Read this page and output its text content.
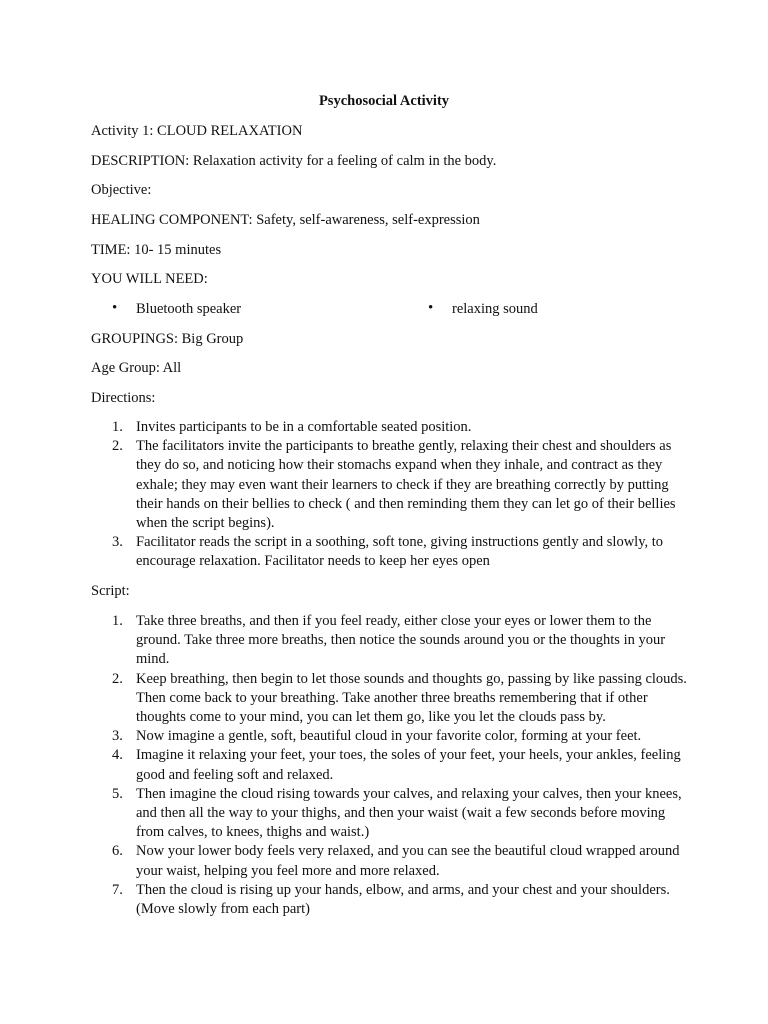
Psychosocial Activity
Activity 1: CLOUD RELAXATION
DESCRIPTION: Relaxation activity for a feeling of calm in the body.
Objective:
HEALING COMPONENT: Safety, self-awareness, self-expression
TIME: 10- 15 minutes
YOU WILL NEED:
• Bluetooth speaker	• relaxing sound
GROUPINGS: Big Group
Age Group: All
Directions:
1. Invites participants to be in a comfortable seated position.
2. The facilitators invite the participants to breathe gently, relaxing their chest and shoulders as they do so, and noticing how their stomachs expand when they inhale, and contract as they exhale; they may even want their learners to check if they are breathing correctly by putting their hands on their bellies to check ( and then reminding them they can let go of their bellies when the script begins).
3. Facilitator reads the script in a soothing, soft tone, giving instructions gently and slowly, to encourage relaxation. Facilitator needs to keep her eyes open
Script:
1. Take three breaths, and then if you feel ready, either close your eyes or lower them to the ground. Take three more breaths, then notice the sounds around you or the thoughts in your mind.
2. Keep breathing, then begin to let those sounds and thoughts go, passing by like passing clouds. Then come back to your breathing. Take another three breaths remembering that if other thoughts come to your mind, you can let them go, like you let the clouds pass by.
3. Now imagine a gentle, soft, beautiful cloud in your favorite color, forming at your feet.
4. Imagine it relaxing your feet, your toes, the soles of your feet, your heels, your ankles, feeling good and feeling soft and relaxed.
5. Then imagine the cloud rising towards your calves, and relaxing your calves, then your knees, and then all the way to your thighs, and then your waist (wait a few seconds before moving from calves, to knees, thighs and waist.)
6. Now your lower body feels very relaxed, and you can see the beautiful cloud wrapped around your waist, helping you feel more and more relaxed.
7. Then the cloud is rising up your hands, elbow, and arms, and your chest and your shoulders. (Move slowly from each part)
